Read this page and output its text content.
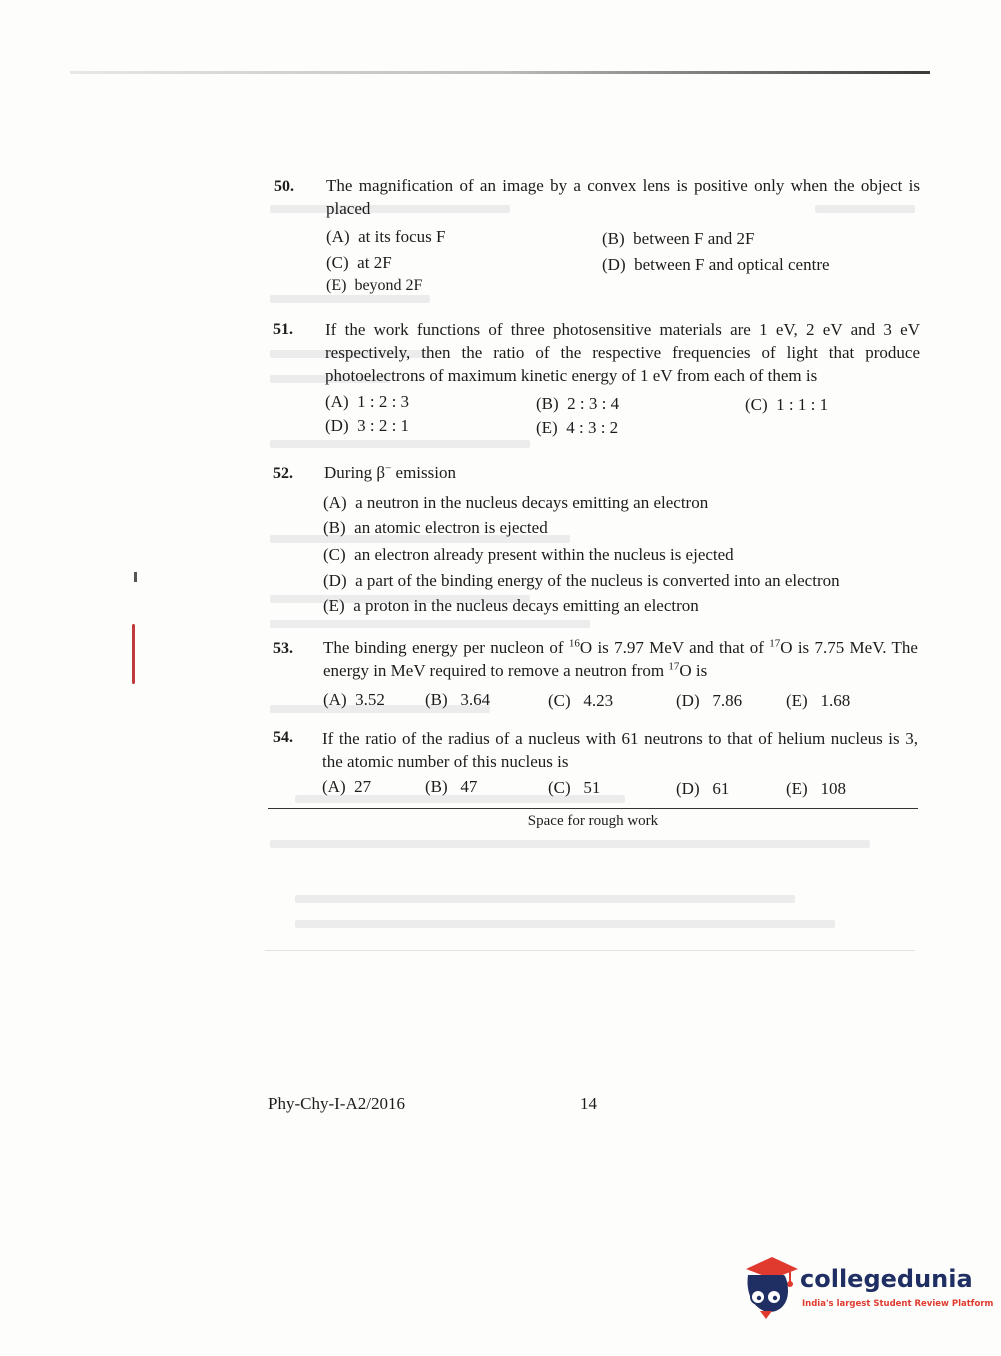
50. The magnification of an image by a convex lens is positive only when the object is placed
(A) at its focus F	(B) between F and 2F
(C) at 2F	(D) between F and optical centre
(E) beyond 2F
51. If the work functions of three photosensitive materials are 1 eV, 2 eV and 3 eV respectively, then the ratio of the respective frequencies of light that produce photoelectrons of maximum kinetic energy of 1 eV from each of them is
(A) 1 : 2 : 3	(B) 2 : 3 : 4	(C) 1 : 1 : 1
(D) 3 : 2 : 1	(E) 4 : 3 : 2
52. During β− emission
(A) a neutron in the nucleus decays emitting an electron
(B) an atomic electron is ejected
(C) an electron already present within the nucleus is ejected
(D) a part of the binding energy of the nucleus is converted into an electron
(E) a proton in the nucleus decays emitting an electron
53. The binding energy per nucleon of $^{16}$O is 7.97 MeV and that of $^{17}$O is 7.75 MeV. The energy in MeV required to remove a neutron from $^{17}$O is
(A) 3.52 (B) 3.64	(C) 4.23	(D) 7.86	(E) 1.68
54. If the ratio of the radius of a nucleus with 61 neutrons to that of helium nucleus is 3, the atomic number of this nucleus is
(A) 27	(B) 47	(C) 51	(D) 61	(E) 108
Space for rough work
Phy-Chy-I-A2/2016	14
collegedunia
India's largest Student Review Platform
